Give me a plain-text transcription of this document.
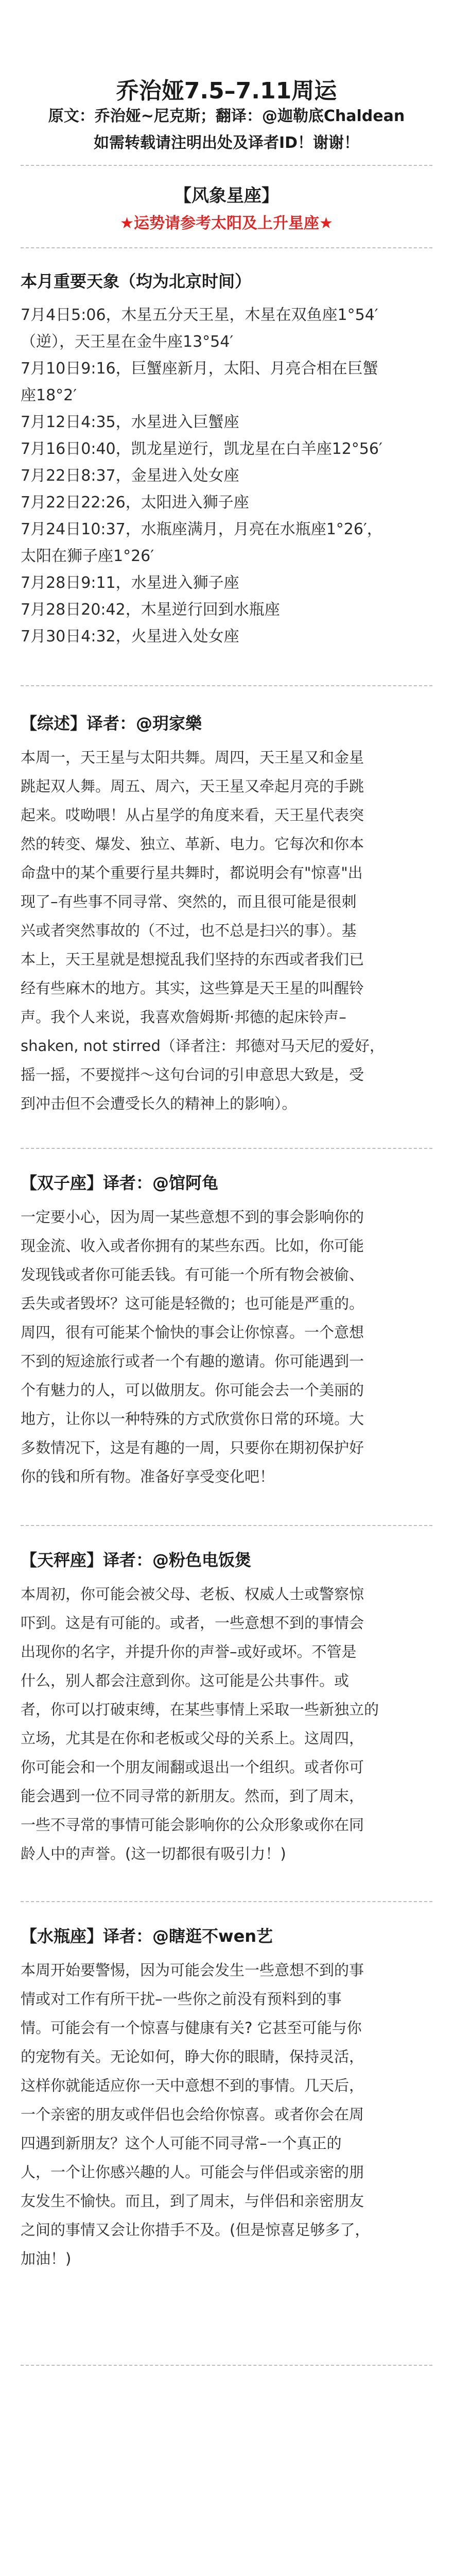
乔治娅7.5–7.11周运
原文：乔治娅~尼克斯；翻译：@迦勒底Chaldean
如需转载请注明出处及译者ID！谢谢！
【风象星座】
★运势请参考太阳及上升星座★
本月重要天象（均为北京时间）
7月4日5:06，木星五分天王星，木星在双鱼座1°54′
（逆），天王星在金牛座13°54′
7月10日9:16，巨蟹座新月，太阳、月亮合相在巨蟹
座18°2′
7月12日4:35，水星进入巨蟹座
7月16日0:40，凯龙星逆行，凯龙星在白羊座12°56′
7月22日8:37，金星进入处女座
7月22日22:26，太阳进入狮子座
7月24日10:37，水瓶座满月，月亮在水瓶座1°26′，
太阳在狮子座1°26′
7月28日9:11，水星进入狮子座
7月28日20:42，木星逆行回到水瓶座
7月30日4:32，火星进入处女座
【综述】译者：@玥家樂
本周一，天王星与太阳共舞。周四，天王星又和金星
跳起双人舞。周五、周六，天王星又牵起月亮的手跳
起来。哎呦喂！从占星学的角度来看，天王星代表突
然的转变、爆发、独立、革新、电力。它每次和你本
命盘中的某个重要行星共舞时，都说明会有"惊喜"出
现了–有些事不同寻常、突然的，而且很可能是很刺
兴或者突然事故的（不过，也不总是扫兴的事）。基
本上，天王星就是想搅乱我们坚持的东西或者我们已
经有些麻木的地方。其实，这些算是天王星的叫醒铃
声。我个人来说，我喜欢詹姆斯·邦德的起床铃声–
shaken, not stirred（译者注：邦德对马天尼的爱好，
摇一摇，不要搅拌～这句台词的引申意思大致是，受
到冲击但不会遭受长久的精神上的影响）。
【双子座】译者：@馆阿龟
一定要小心，因为周一某些意想不到的事会影响你的
现金流、收入或者你拥有的某些东西。比如，你可能
发现钱或者你可能丢钱。有可能一个所有物会被偷、
丢失或者毁坏？这可能是轻微的；也可能是严重的。
周四，很有可能某个愉快的事会让你惊喜。一个意想
不到的短途旅行或者一个有趣的邀请。你可能遇到一
个有魅力的人，可以做朋友。你可能会去一个美丽的
地方，让你以一种特殊的方式欣赏你日常的环境。大
多数情况下，这是有趣的一周，只要你在期初保护好
你的钱和所有物。准备好享受变化吧！
【天秤座】译者：@粉色电饭煲
本周初，你可能会被父母、老板、权威人士或警察惊
吓到。这是有可能的。或者，一些意想不到的事情会
出现你的名字，并提升你的声誉–或好或坏。不管是
什么，别人都会注意到你。这可能是公共事件。或
者，你可以打破束缚，在某些事情上采取一些新独立的
立场，尤其是在你和老板或父母的关系上。这周四，
你可能会和一个朋友闹翻或退出一个组织。或者你可
能会遇到一位不同寻常的新朋友。然而，到了周末，
一些不寻常的事情可能会影响你的公众形象或你在同
龄人中的声誉。(这一切都很有吸引力！)
【水瓶座】译者：@瞎逛不wen艺
本周开始要警惕，因为可能会发生一些意想不到的事
情或对工作有所干扰–一些你之前没有预料到的事
情。可能会有一个惊喜与健康有关? 它甚至可能与你
的宠物有关。无论如何，睁大你的眼睛，保持灵活，
这样你就能适应你一天中意想不到的事情。几天后，
一个亲密的朋友或伴侣也会给你惊喜。或者你会在周
四遇到新朋友？这个人可能不同寻常–一个真正的
人，一个让你感兴趣的人。可能会与伴侣或亲密的朋
友发生不愉快。而且，到了周末，与伴侣和亲密朋友
之间的事情又会让你措手不及。(但是惊喜足够多了，
加油！)
